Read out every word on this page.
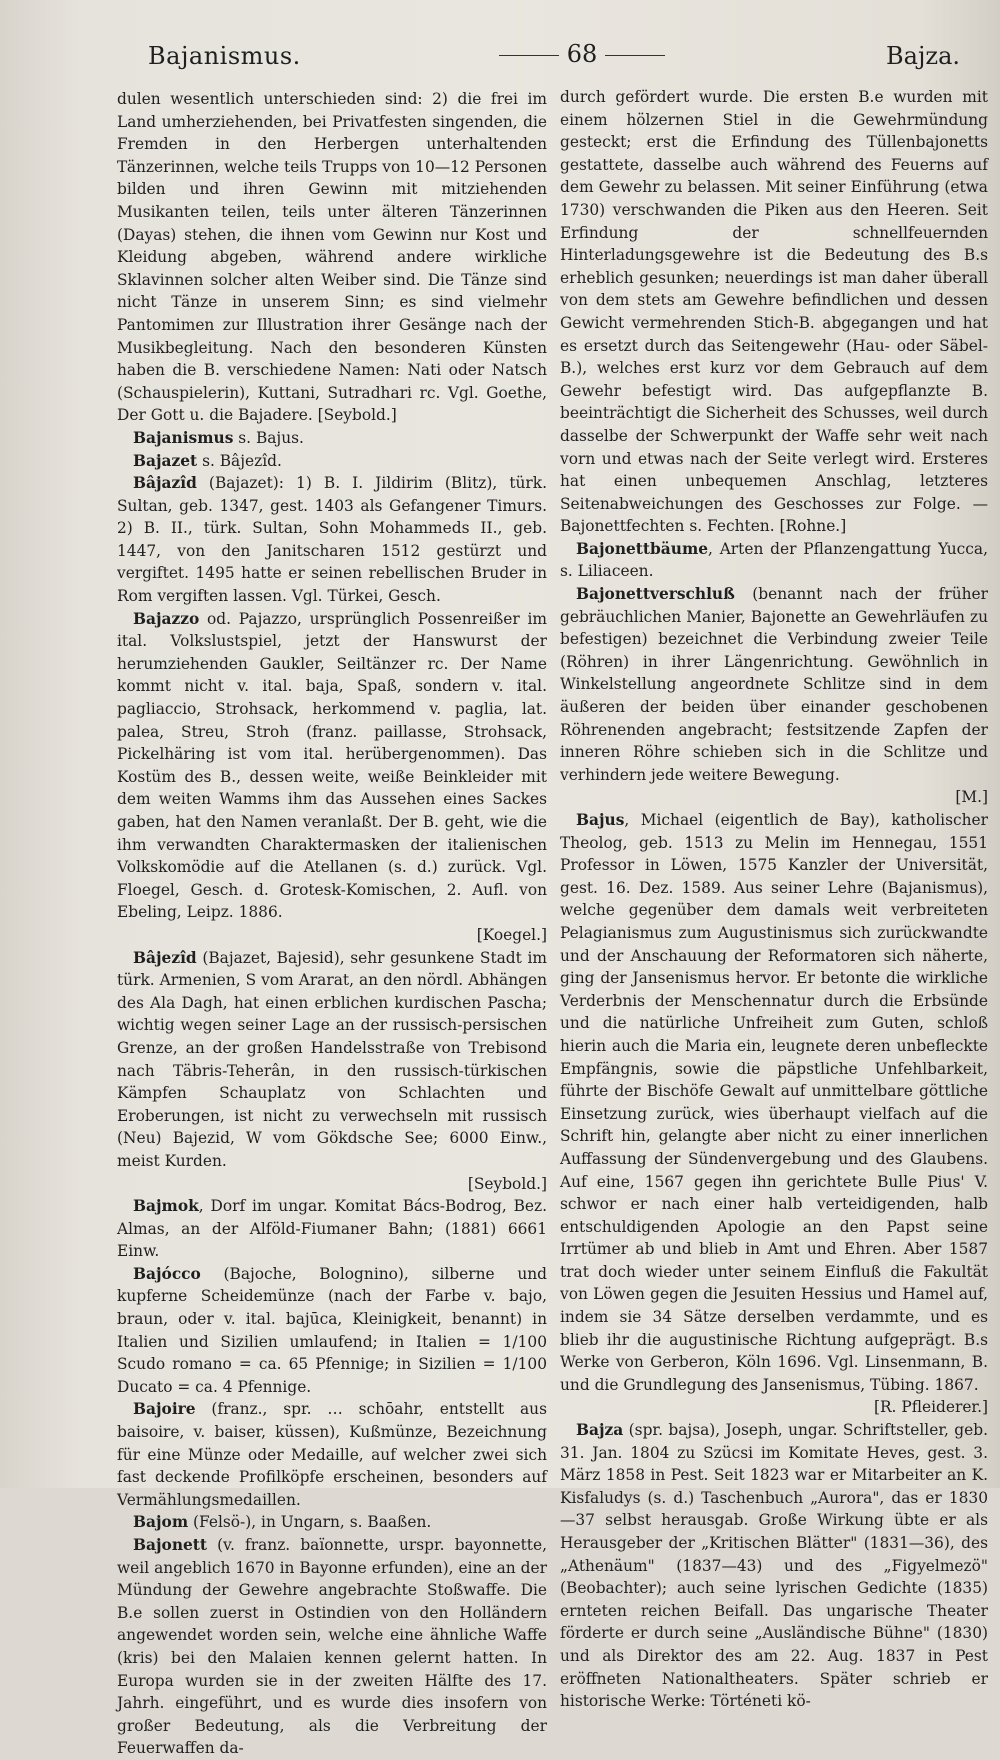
Bajanismus.	68	Bajza.

dulen wesentlich unterschieden sind: 2) die frei im Land umherziehenden, bei Privatfesten singenden, die Fremden in den Herbergen unterhaltenden Tänzerinnen, welche teils Trupps von 10—12 Personen bilden und ihren Gewinn mit mitziehenden Musikanten teilen, teils unter älteren Tänzerinnen (Dayas) stehen, die ihnen vom Gewinn nur Kost und Kleidung abgeben, während andere wirkliche Sklavinnen solcher alten Weiber sind. Die Tänze sind nicht Tänze in unserem Sinn; es sind vielmehr Pantomimen zur Illustration ihrer Gesänge nach der Musikbegleitung. Nach den besonderen Künsten haben die B. verschiedene Namen: Nati oder Natsch (Schauspielerin), Kuttani, Sutradhari rc. Vgl. Goethe, Der Gott u. die Bajadere. [Seybold.]

Bajanismus s. Bajus.

Bajazet s. Bâjezîd.

Bâjazîd (Bajazet): 1) B. I. Jildirim (Blitz), türk. Sultan, geb. 1347, gest. 1403 als Gefangener Timurs. 2) B. II., türk. Sultan, Sohn Mohammeds II., geb. 1447, von den Janitscharen 1512 gestürzt und vergiftet. 1495 hatte er seinen rebellischen Bruder in Rom vergiften lassen. Vgl. Türkei, Gesch.

Bajazzo od. Pajazzo, ursprünglich Possenreißer im ital. Volkslustspiel, jetzt der Hanswurst der herumziehenden Gaukler, Seiltänzer rc. Der Name kommt nicht v. ital. baja, Spaß, sondern v. ital. pagliaccio, Strohsack, herkommend v. paglia, lat. palea, Streu, Stroh (franz. paillasse, Strohsack, Pickelhäring ist vom ital. herübergenommen). Das Kostüm des B., dessen weite, weiße Beinkleider mit dem weiten Wamms ihm das Aussehen eines Sackes gaben, hat den Namen veranlaßt. Der B. geht, wie die ihm verwandten Charaktermasken der italienischen Volkskomödie auf die Atellanen (s. d.) zurück. Vgl. Floegel, Gesch. d. Grotesk-Komischen, 2. Aufl. von Ebeling, Leipz. 1886.
[Koegel.]

Bâjezîd (Bajazet, Bajesid), sehr gesunkene Stadt im türk. Armenien, S vom Ararat, an den nördl. Abhängen des Ala Dagh, hat einen erblichen kurdischen Pascha; wichtig wegen seiner Lage an der russisch-persischen Grenze, an der großen Handelsstraße von Trebisond nach Täbris-Teherân, in den russisch-türkischen Kämpfen Schauplatz von Schlachten und Eroberungen, ist nicht zu verwechseln mit russisch (Neu) Bajezid, W vom Gökdsche See; 6000 Einw., meist Kurden.
[Seybold.]

Bajmok, Dorf im ungar. Komitat Bács-Bodrog, Bez. Almas, an der Alföld-Fiumaner Bahn; (1881) 6661 Einw.

Bajócco (Bajoche, Bolognino), silberne und kupferne Scheidemünze (nach der Farbe v. bajo, braun, oder v. ital. bajūca, Kleinigkeit, benannt) in Italien und Sizilien umlaufend; in Italien = 1/100 Scudo romano = ca. 65 Pfennige; in Sizilien = 1/100 Ducato = ca. 4 Pfennige.

Bajoire (franz., spr. … schōahr, entstellt aus baisoire, v. baiser, küssen), Kußmünze, Bezeichnung für eine Münze oder Medaille, auf welcher zwei sich fast deckende Profilköpfe erscheinen, besonders auf Vermählungsmedaillen.

Bajom (Felsö-), in Ungarn, s. Baaßen.

Bajonett (v. franz. baïonnette, urspr. bayonnette, weil angeblich 1670 in Bayonne erfunden), eine an der Mündung der Gewehre angebrachte Stoßwaffe. Die B.e sollen zuerst in Ostindien von den Holländern angewendet worden sein, welche eine ähnliche Waffe (kris) bei den Malaien kennen gelernt hatten. In Europa wurden sie in der zweiten Hälfte des 17. Jahrh. eingeführt, und es wurde dies insofern von großer Bedeutung, als die Verbreitung der Feuerwaffen da-

durch gefördert wurde. Die ersten B.e wurden mit einem hölzernen Stiel in die Gewehrmündung gesteckt; erst die Erfindung des Tüllenbajonetts gestattete, dasselbe auch während des Feuerns auf dem Gewehr zu belassen. Mit seiner Einführung (etwa 1730) verschwanden die Piken aus den Heeren. Seit Erfindung der schnellfeuernden Hinterladungsgewehre ist die Bedeutung des B.s erheblich gesunken; neuerdings ist man daher überall von dem stets am Gewehre befindlichen und dessen Gewicht vermehrenden Stich-B. abgegangen und hat es ersetzt durch das Seitengewehr (Hau- oder Säbel-B.), welches erst kurz vor dem Gebrauch auf dem Gewehr befestigt wird. Das aufgepflanzte B. beeinträchtigt die Sicherheit des Schusses, weil durch dasselbe der Schwerpunkt der Waffe sehr weit nach vorn und etwas nach der Seite verlegt wird. Ersteres hat einen unbequemen Anschlag, letzteres Seitenabweichungen des Geschosses zur Folge. — Bajonettfechten s. Fechten. [Rohne.]

Bajonettbäume, Arten der Pflanzengattung Yucca, s. Liliaceen.

Bajonettverschluß (benannt nach der früher gebräuchlichen Manier, Bajonette an Gewehrläufen zu befestigen) bezeichnet die Verbindung zweier Teile (Röhren) in ihrer Längenrichtung. Gewöhnlich in Winkelstellung angeordnete Schlitze sind in dem äußeren der beiden über einander geschobenen Röhrenenden angebracht; festsitzende Zapfen der inneren Röhre schieben sich in die Schlitze und verhindern jede weitere Bewegung.
[M.]

Bajus, Michael (eigentlich de Bay), katholischer Theolog, geb. 1513 zu Melin im Hennegau, 1551 Professor in Löwen, 1575 Kanzler der Universität, gest. 16. Dez. 1589. Aus seiner Lehre (Bajanismus), welche gegenüber dem damals weit verbreiteten Pelagianismus zum Augustinismus sich zurückwandte und der Anschauung der Reformatoren sich näherte, ging der Jansenismus hervor. Er betonte die wirkliche Verderbnis der Menschennatur durch die Erbsünde und die natürliche Unfreiheit zum Guten, schloß hierin auch die Maria ein, leugnete deren unbefleckte Empfängnis, sowie die päpstliche Unfehlbarkeit, führte der Bischöfe Gewalt auf unmittelbare göttliche Einsetzung zurück, wies überhaupt vielfach auf die Schrift hin, gelangte aber nicht zu einer innerlichen Auffassung der Sündenvergebung und des Glaubens. Auf eine, 1567 gegen ihn gerichtete Bulle Pius' V. schwor er nach einer halb verteidigenden, halb entschuldigenden Apologie an den Papst seine Irrtümer ab und blieb in Amt und Ehren. Aber 1587 trat doch wieder unter seinem Einfluß die Fakultät von Löwen gegen die Jesuiten Hessius und Hamel auf, indem sie 34 Sätze derselben verdammte, und es blieb ihr die augustinische Richtung aufgeprägt. B.s Werke von Gerberon, Köln 1696. Vgl. Linsenmann, B. und die Grundlegung des Jansenismus, Tübing. 1867.
[R. Pfleiderer.]

Bajza (spr. bajsa), Joseph, ungar. Schriftsteller, geb. 31. Jan. 1804 zu Szücsi im Komitate Heves, gest. 3. März 1858 in Pest. Seit 1823 war er Mitarbeiter an K. Kisfaludys (s. d.) Taschenbuch „Aurora", das er 1830—37 selbst herausgab. Große Wirkung übte er als Herausgeber der „Kritischen Blätter" (1831—36), des „Athenäum" (1837—43) und des „Figyelmezö" (Beobachter); auch seine lyrischen Gedichte (1835) ernteten reichen Beifall. Das ungarische Theater förderte er durch seine „Ausländische Bühne" (1830) und als Direktor des am 22. Aug. 1837 in Pest eröffneten Nationaltheaters. Später schrieb er historische Werke: Történeti kö-
